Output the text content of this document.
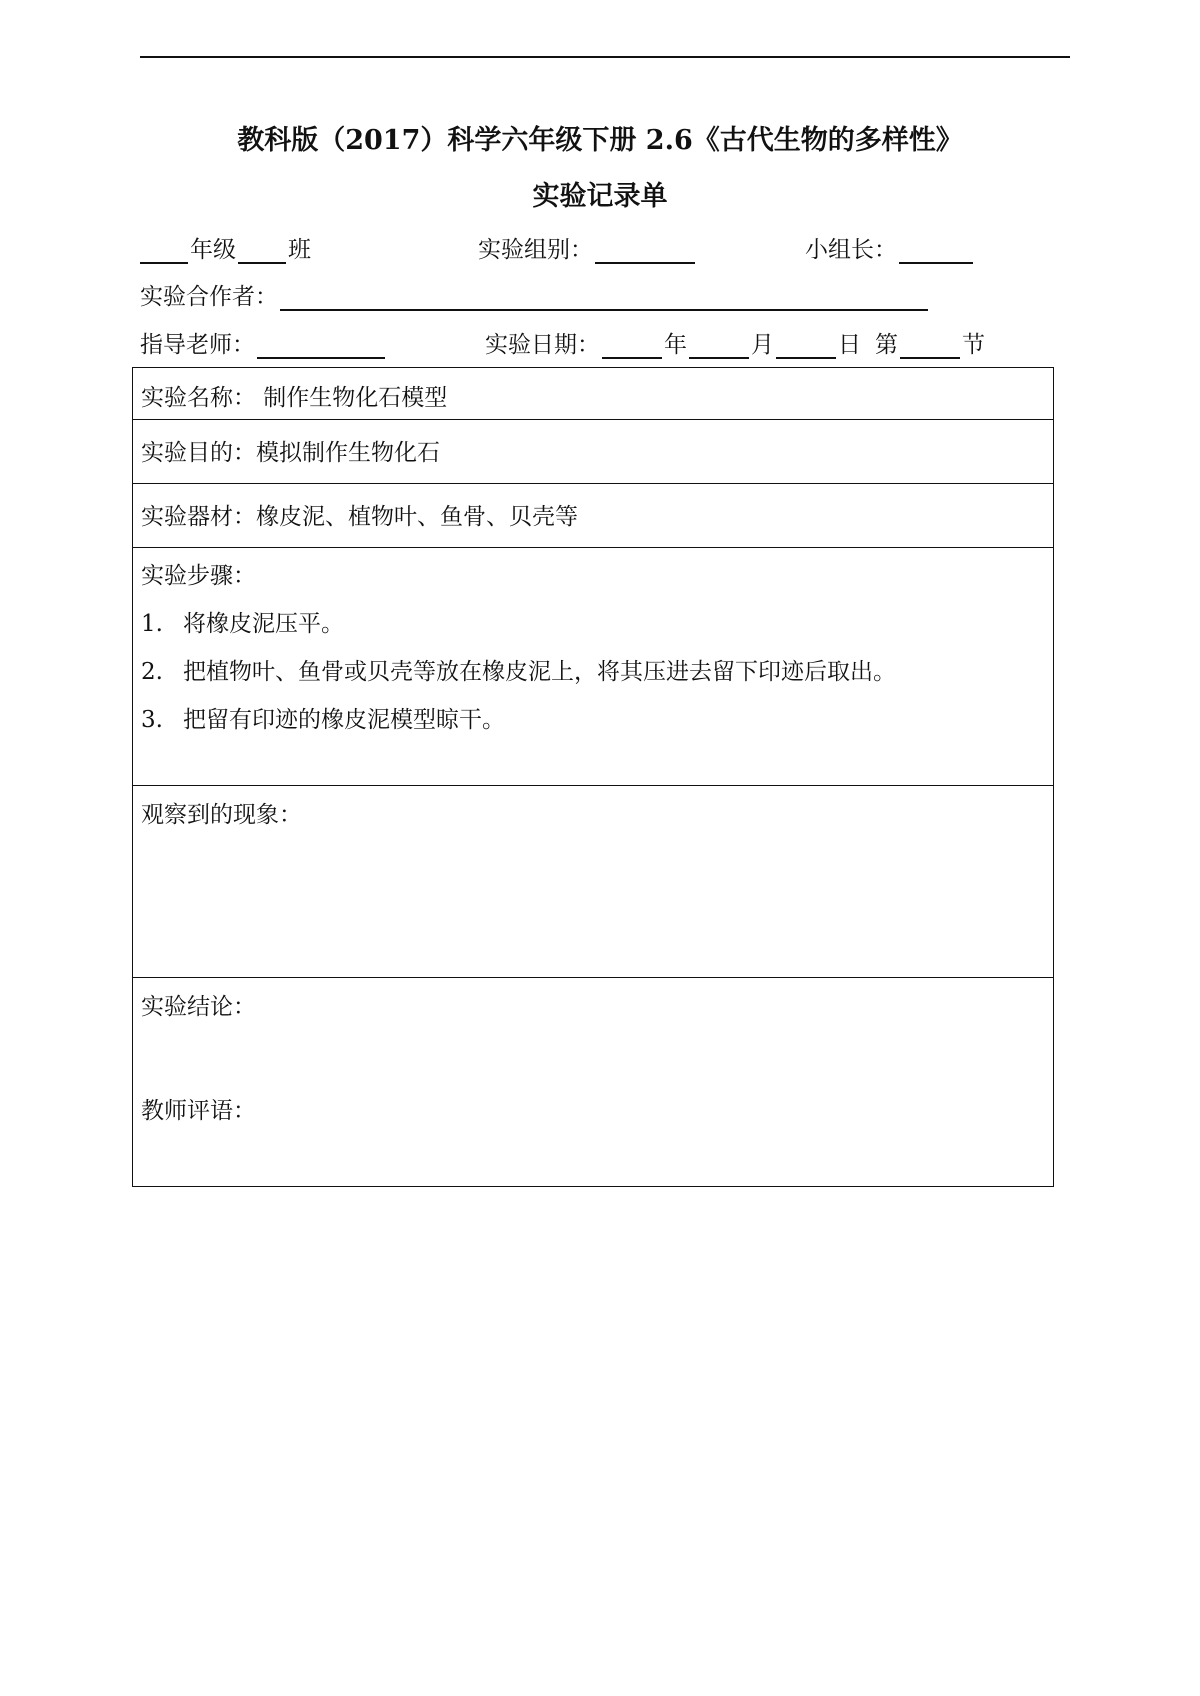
教科版（2017）科学六年级下册 2.6《古代生物的多样性》
实验记录单
年级 班	实验组别：	小组长：
实验合作者：
指导老师：	实验日期：	年	月	日 第	节
实验名称： 制作生物化石模型
实验目的：模拟制作生物化石
实验器材：橡皮泥、植物叶、鱼骨、贝壳等
实验步骤：
1. 将橡皮泥压平。
2. 把植物叶、鱼骨或贝壳等放在橡皮泥上，将其压进去留下印迹后取出。
3. 把留有印迹的橡皮泥模型晾干。
观察到的现象：
实验结论：
教师评语：
